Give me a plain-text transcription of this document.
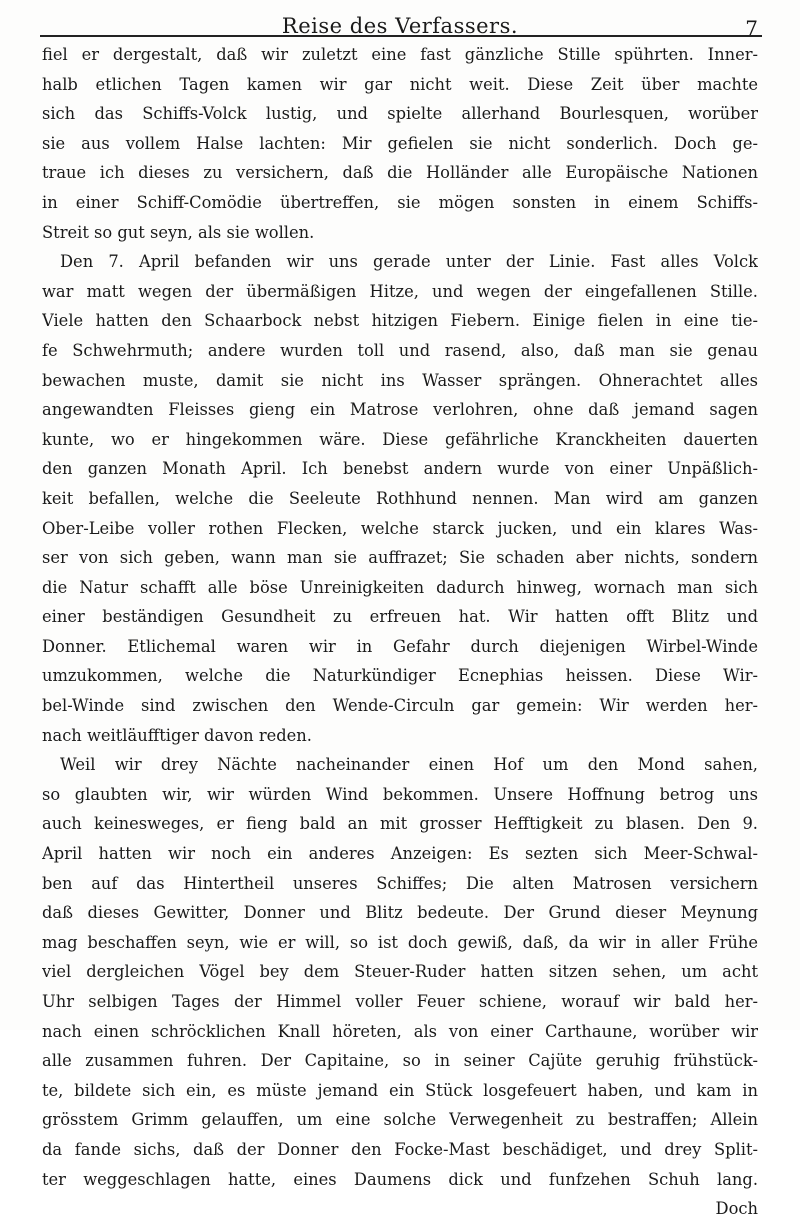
Reise des Verfassers.	7
fiel er dergestalt, daß wir zuletzt eine fast gänzliche Stille spührten. Inner-
halb etlichen Tagen kamen wir gar nicht weit. Diese Zeit über machte
sich das Schiffs-Volck lustig, und spielte allerhand Bourlesquen, worüber
sie aus vollem Halse lachten: Mir gefielen sie nicht sonderlich. Doch ge-
traue ich dieses zu versichern, daß die Holländer alle Europäische Nationen
in einer Schiff-Comödie übertreffen, sie mögen sonsten in einem Schiffs-
Streit so gut seyn, als sie wollen.
Den 7. April befanden wir uns gerade unter der Linie. Fast alles Volck
war matt wegen der übermäßigen Hitze, und wegen der eingefallenen Stille.
Viele hatten den Schaarbock nebst hitzigen Fiebern. Einige fielen in eine tie-
fe Schwehrmuth; andere wurden toll und rasend, also, daß man sie genau
bewachen muste, damit sie nicht ins Wasser sprängen. Ohnerachtet alles
angewandten Fleisses gieng ein Matrose verlohren, ohne daß jemand sagen
kunte, wo er hingekommen wäre. Diese gefährliche Kranckheiten dauerten
den ganzen Monath April. Ich benebst andern wurde von einer Unpäßlich-
keit befallen, welche die Seeleute Rothhund nennen. Man wird am ganzen
Ober-Leibe voller rothen Flecken, welche starck jucken, und ein klares Was-
ser von sich geben, wann man sie auffrazet; Sie schaden aber nichts, sondern
die Natur schafft alle böse Unreinigkeiten dadurch hinweg, wornach man sich
einer beständigen Gesundheit zu erfreuen hat. Wir hatten offt Blitz und
Donner. Etlichemal waren wir in Gefahr durch diejenigen Wirbel-Winde
umzukommen, welche die Naturkündiger Ecnephias heissen. Diese Wir-
bel-Winde sind zwischen den Wende-Circuln gar gemein: Wir werden her-
nach weitläufftiger davon reden.
Weil wir drey Nächte nacheinander einen Hof um den Mond sahen,
so glaubten wir, wir würden Wind bekommen. Unsere Hoffnung betrog uns
auch keinesweges, er fieng bald an mit grosser Hefftigkeit zu blasen. Den 9.
April hatten wir noch ein anderes Anzeigen: Es sezten sich Meer-Schwal-
ben auf das Hintertheil unseres Schiffes; Die alten Matrosen versichern
daß dieses Gewitter, Donner und Blitz bedeute. Der Grund dieser Meynung
mag beschaffen seyn, wie er will, so ist doch gewiß, daß, da wir in aller Frühe
viel dergleichen Vögel bey dem Steuer-Ruder hatten sitzen sehen, um acht
Uhr selbigen Tages der Himmel voller Feuer schiene, worauf wir bald her-
nach einen schröcklichen Knall höreten, als von einer Carthaune, worüber wir
alle zusammen fuhren. Der Capitaine, so in seiner Cajüte geruhig frühstück-
te, bildete sich ein, es müste jemand ein Stück losgefeuert haben, und kam in
grösstem Grimm gelauffen, um eine solche Verwegenheit zu bestraffen; Allein
da fande sichs, daß der Donner den Focke-Mast beschädiget, und drey Split-
ter weggeschlagen hatte, eines Daumens dick und funfzehen Schuh lang.
Doch
